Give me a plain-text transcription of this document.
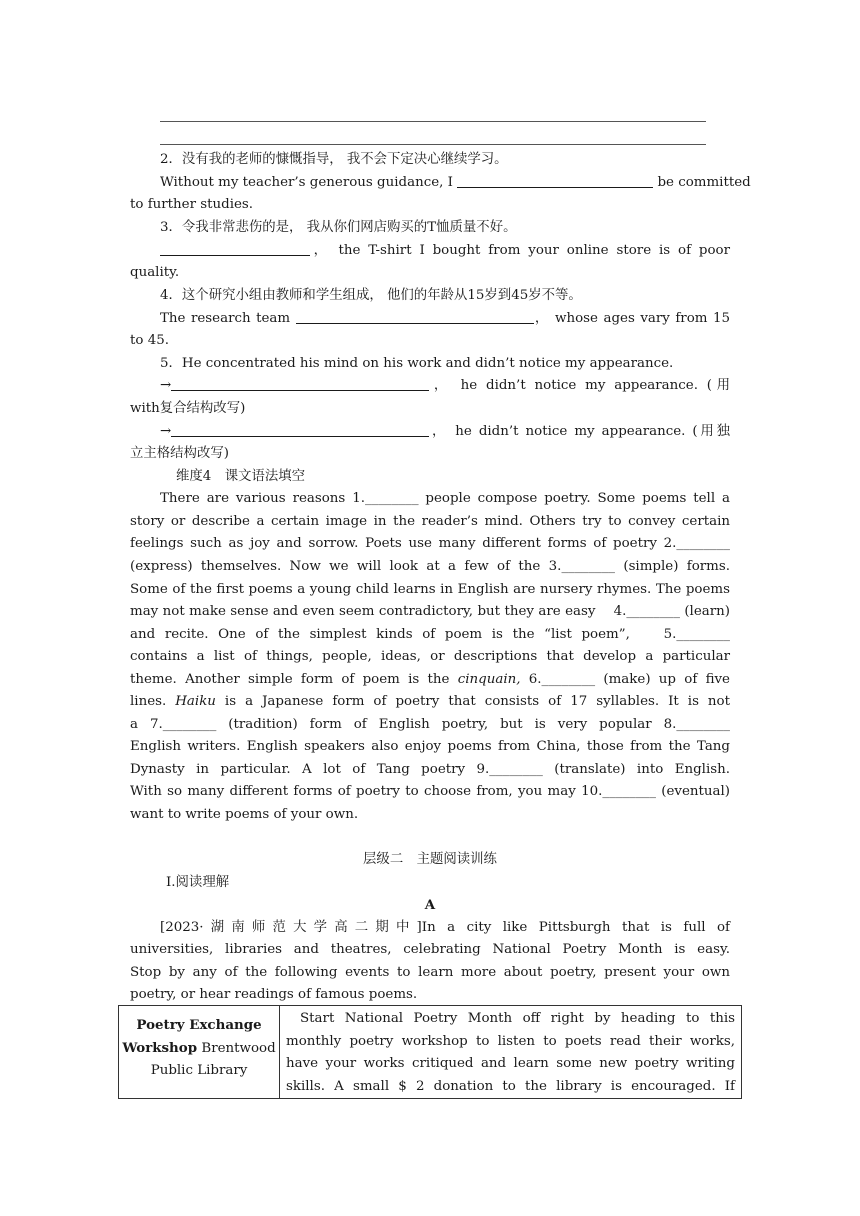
2．没有我的老师的慷慨指导， 我不会下定决心继续学习。
Without my teacher’s generous guidance, I	be committed
to further studies.
3．令我非常悲伤的是， 我从你们网店购买的T恤质量不好。
， the T-shirt I bought from your online store is of poor
quality.
4．这个研究小组由教师和学生组成， 他们的年龄从15岁到45岁不等。
The research team	， whose ages vary from 15
to 45.
5．He concentrated his mind on his work and didn’t notice my appearance.
→	， he didn’t notice my appearance. (用
with复合结构改写)
→	， he didn’t notice my appearance. (用独
立主格结构改写)
维度4　课文语法填空
There are various reasons 1.________ people compose poetry. Some poems tell a
story or describe a certain image in the reader’s mind. Others try to convey certain
feelings such as joy and sorrow. Poets use many different forms of poetry 2.________
(express) themselves. Now we will look at a few of the 3.________ (simple) forms.
Some of the first poems a young child learns in English are nursery rhymes. The poems
may not make sense and even seem contradictory, but they are easy　 4.________ (learn)
and recite. One of the simplest kinds of poem is the “list poem”,　 5.________
contains a list of things, people, ideas, or descriptions that develop a particular
theme. Another simple form of poem is the cinquain, 6.________ (make) up of five
lines. Haiku is a Japanese form of poetry that consists of 17 syllables. It is not
a 7.________ (tradition) form of English poetry, but is very popular 8.________
English writers. English speakers also enjoy poems from China, those from the Tang
Dynasty in particular. A lot of Tang poetry 9.________ (translate) into English.
With so many different forms of poetry to choose from, you may 10.________ (eventual)
want to write poems of your own.
层级二　主题阅读训练
Ⅰ.阅读理解
A
[2023·湖南师范大学高二期中]In a city like Pittsburgh that is full of
universities, libraries and theatres, celebrating National Poetry Month is easy.
Stop by any of the following events to learn more about poetry, present your own
poetry, or hear readings of famous poems.
Poetry Exchange
Workshop Brentwood
Public Library

Start National Poetry Month off right by heading to this
monthly poetry workshop to listen to poets read their works,
have your works critiqued and learn some new poetry writing
skills. A small $ 2 donation to the library is encouraged. If
